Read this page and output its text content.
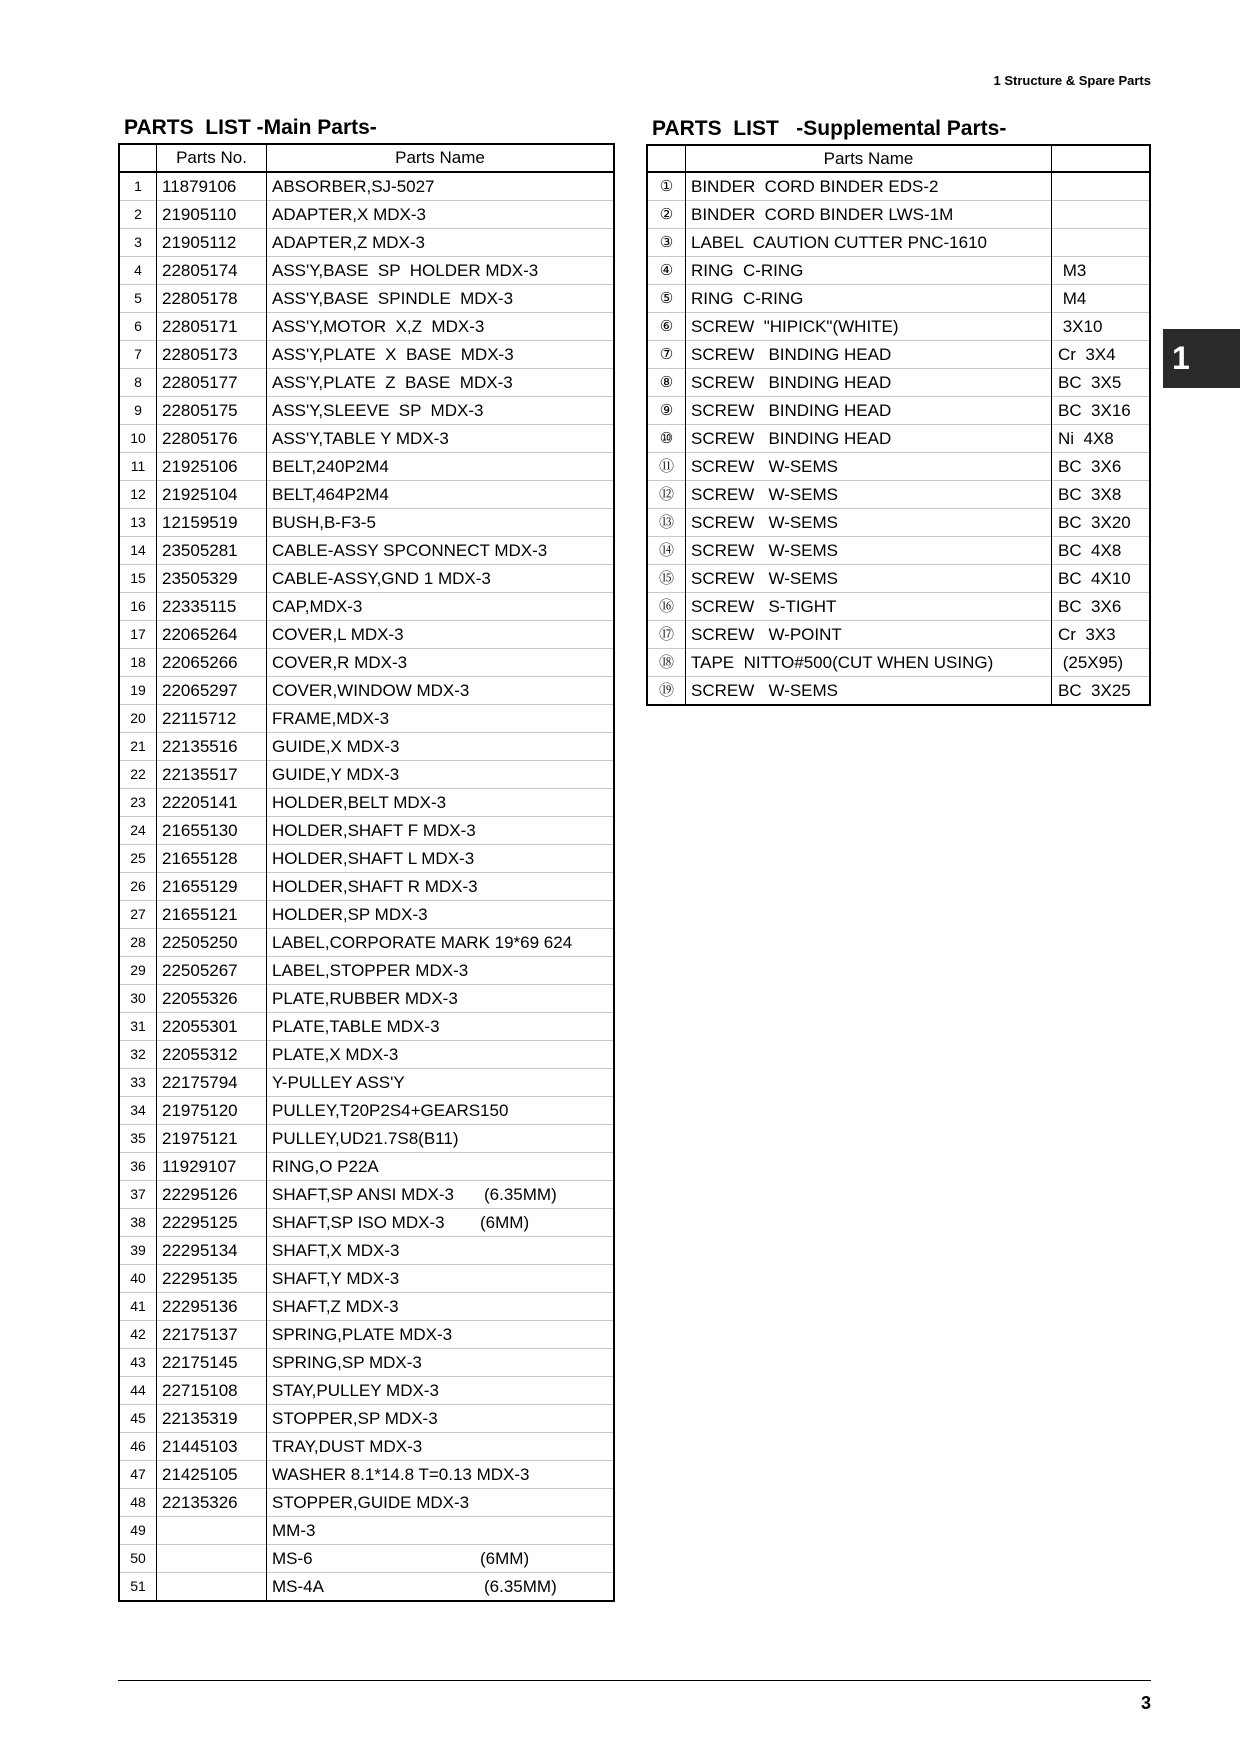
1 Structure & Spare Parts
PARTS  LIST -Main Parts-	PARTS  LIST   -Supplemental Parts-
	Parts No.	Parts Name
1	11879106	ABSORBER,SJ-5027
2	21905110	ADAPTER,X MDX-3
3	21905112	ADAPTER,Z MDX-3
4	22805174	ASS'Y,BASE  SP  HOLDER MDX-3
5	22805178	ASS'Y,BASE  SPINDLE  MDX-3
6	22805171	ASS'Y,MOTOR  X,Z  MDX-3
7	22805173	ASS'Y,PLATE  X  BASE  MDX-3
8	22805177	ASS'Y,PLATE  Z  BASE  MDX-3
9	22805175	ASS'Y,SLEEVE  SP  MDX-3
10	22805176	ASS'Y,TABLE Y MDX-3
11	21925106	BELT,240P2M4
12	21925104	BELT,464P2M4
13	12159519	BUSH,B-F3-5
14	23505281	CABLE-ASSY SPCONNECT MDX-3
15	23505329	CABLE-ASSY,GND 1 MDX-3
16	22335115	CAP,MDX-3
17	22065264	COVER,L MDX-3
18	22065266	COVER,R MDX-3
19	22065297	COVER,WINDOW MDX-3
20	22115712	FRAME,MDX-3
21	22135516	GUIDE,X MDX-3
22	22135517	GUIDE,Y MDX-3
23	22205141	HOLDER,BELT MDX-3
24	21655130	HOLDER,SHAFT F MDX-3
25	21655128	HOLDER,SHAFT L MDX-3
26	21655129	HOLDER,SHAFT R MDX-3
27	21655121	HOLDER,SP MDX-3
28	22505250	LABEL,CORPORATE MARK 19*69 624
29	22505267	LABEL,STOPPER MDX-3
30	22055326	PLATE,RUBBER MDX-3
31	22055301	PLATE,TABLE MDX-3
32	22055312	PLATE,X MDX-3
33	22175794	Y-PULLEY ASS'Y
34	21975120	PULLEY,T20P2S4+GEARS150
35	21975121	PULLEY,UD21.7S8(B11)
36	11929107	RING,O P22A
37	22295126	SHAFT,SP ANSI MDX-3 (6.35MM)

38	22295125	SHAFT,SP ISO MDX-3 (6MM)

39	22295134	SHAFT,X MDX-3
40	22295135	SHAFT,Y MDX-3
41	22295136	SHAFT,Z MDX-3
42	22175137	SPRING,PLATE MDX-3
43	22175145	SPRING,SP MDX-3
44	22715108	STAY,PULLEY MDX-3
45	22135319	STOPPER,SP MDX-3
46	21445103	TRAY,DUST MDX-3
47	21425105	WASHER 8.1*14.8 T=0.13 MDX-3
48	22135326	STOPPER,GUIDE MDX-3
49		MM-3
50		MS-6 (6MM)

51		MS-4A (6.35MM)
	Parts Name	
①	BINDER  CORD BINDER EDS-2	
②	BINDER  CORD BINDER LWS-1M	
③	LABEL  CAUTION CUTTER PNC-1610	
④	RING  C-RING	M3
⑤	RING  C-RING	M4
⑥	SCREW  "HIPICK"(WHITE)	3X10
⑦	SCREW   BINDING HEAD	Cr  3X4
⑧	SCREW   BINDING HEAD	BC  3X5
⑨	SCREW   BINDING HEAD	BC  3X16
⑩	SCREW   BINDING HEAD	Ni  4X8
⑪	SCREW   W-SEMS	BC  3X6
⑫	SCREW   W-SEMS	BC  3X8
⑬	SCREW   W-SEMS	BC  3X20
⑭	SCREW   W-SEMS	BC  4X8
⑮	SCREW   W-SEMS	BC  4X10
⑯	SCREW   S-TIGHT	BC  3X6
⑰	SCREW   W-POINT	Cr  3X3
⑱	TAPE  NITTO#500(CUT WHEN USING)	(25X95)
⑲	SCREW   W-SEMS	BC  3X25
1
3
